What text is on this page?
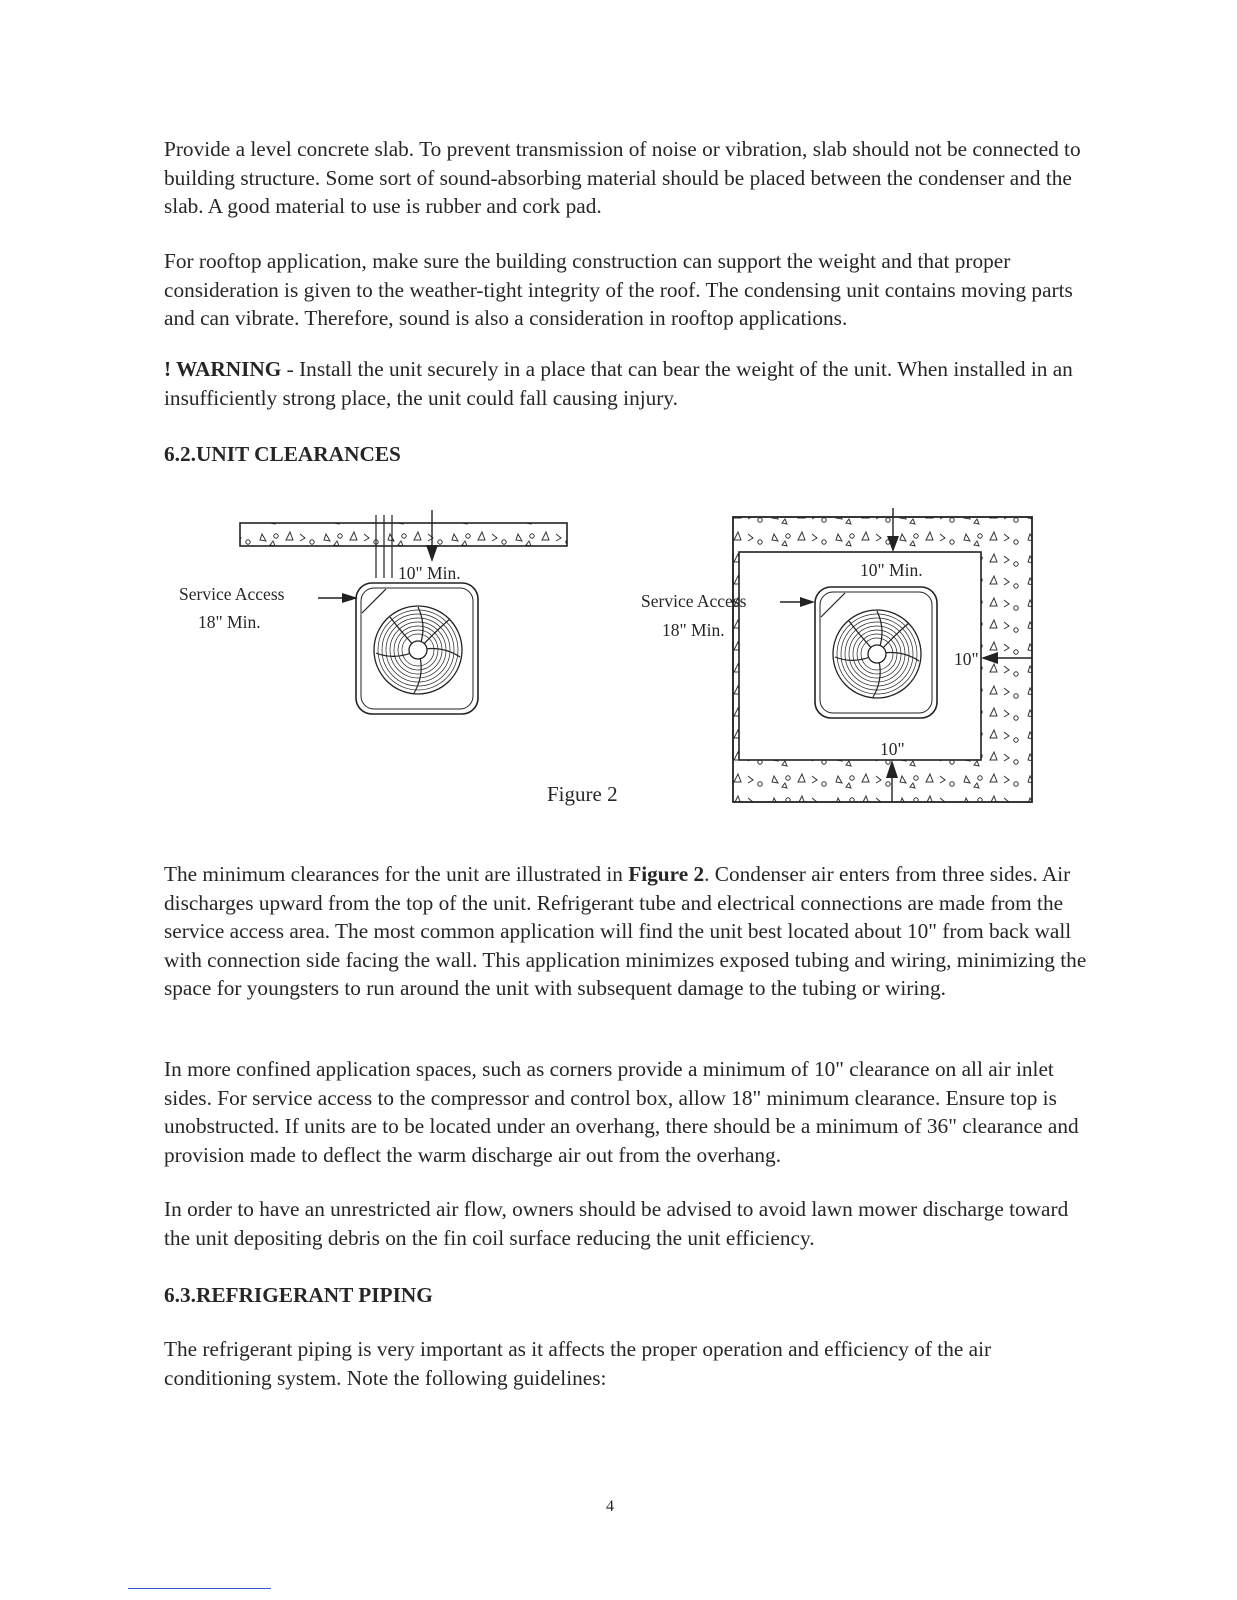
Provide a level concrete slab. To prevent transmission of noise or vibration, slab should not be connected to building structure. Some sort of sound-absorbing material should be placed between the condenser and the slab. A good material to use is rubber and cork pad.

For rooftop application, make sure the building construction can support the weight and that proper consideration is given to the weather-tight integrity of the roof. The condensing unit contains moving parts and can vibrate. Therefore, sound is also a consideration in rooftop applications.

! WARNING - Install the unit securely in a place that can bear the weight of the unit. When installed in an insufficiently strong place, the unit could fall causing injury.

6.2.UNIT CLEARANCES
10" Min.
Service Access
18" Min.
10" Min.
Service Access
18" Min.
10"
10"
Figure 2

The minimum clearances for the unit are illustrated in Figure 2. Condenser air enters from three sides. Air discharges upward from the top of the unit. Refrigerant tube and electrical connections are made from the service access area. The most common application will find the unit best located about 10" from back wall with connection side facing the wall. This application minimizes exposed tubing and wiring, minimizing the space for youngsters to run around the unit with subsequent damage to the tubing or wiring.

In more confined application spaces, such as corners provide a minimum of 10" clearance on all air inlet sides. For service access to the compressor and control box, allow 18" minimum clearance. Ensure top is unobstructed. If units are to be located under an overhang, there should be a minimum of 36" clearance and provision made to deflect the warm discharge air out from the overhang.

In order to have an unrestricted air flow, owners should be advised to avoid lawn mower discharge toward the unit depositing debris on the fin coil surface reducing the unit efficiency.

6.3.REFRIGERANT PIPING

The refrigerant piping is very important as it affects the proper operation and efficiency of the air conditioning system. Note the following guidelines:

4
